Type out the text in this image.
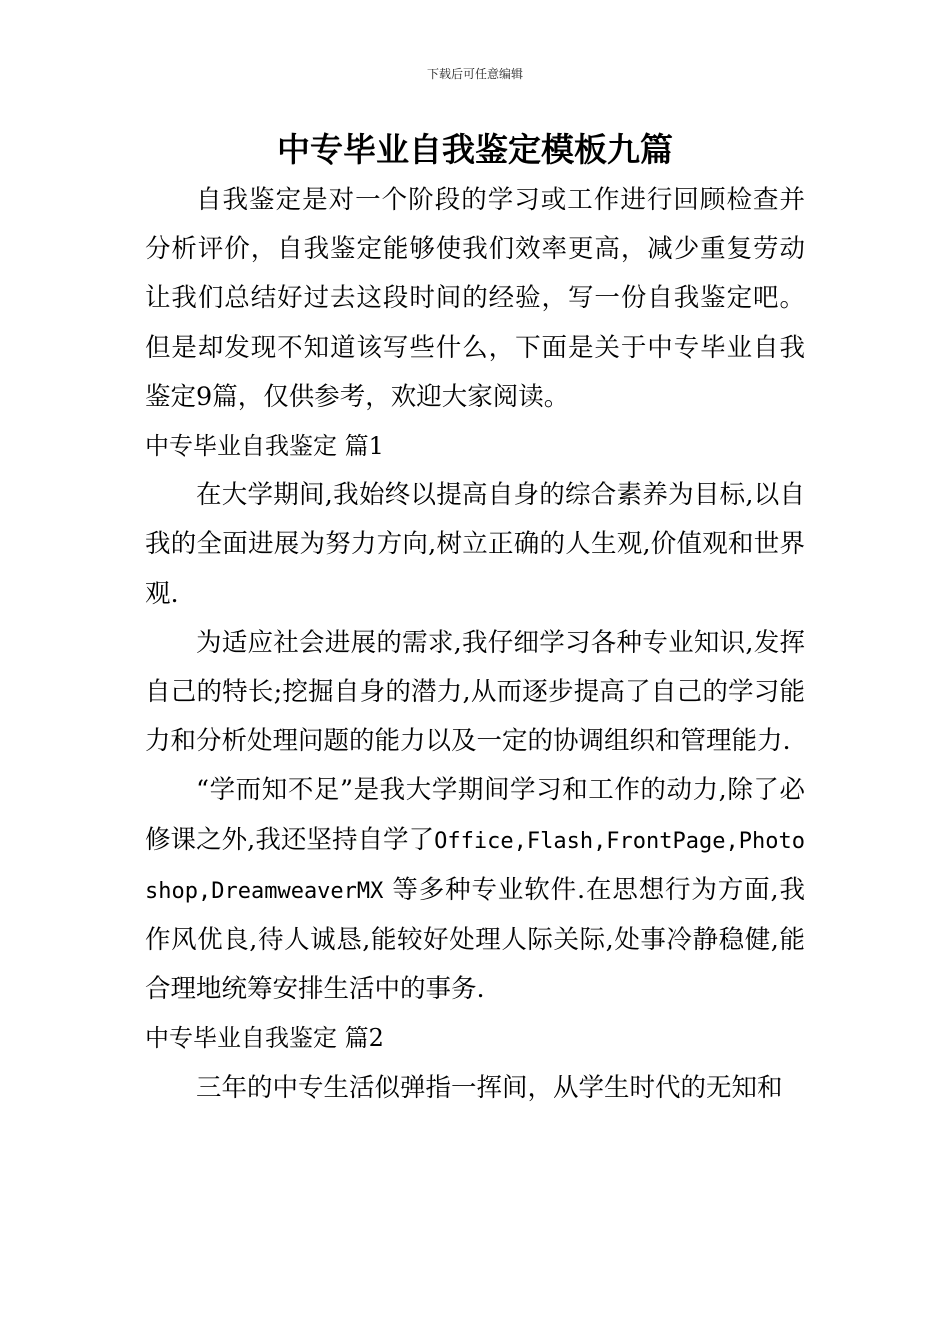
下载后可任意编辑
中专毕业自我鉴定模板九篇

自我鉴定是对一个阶段的学习或工作进行回顾检查并分析评价，自我鉴定能够使我们效率更高，减少重复劳动让我们总结好过去这段时间的经验，写一份自我鉴定吧。但是却发现不知道该写些什么，下面是关于中专毕业自我鉴定9篇，仅供参考，欢迎大家阅读。

中专毕业自我鉴定 篇1

在大学期间,我始终以提高自身的综合素养为目标,以自我的全面进展为努力方向,树立正确的人生观,价值观和世界观.

为适应社会进展的需求,我仔细学习各种专业知识,发挥自己的特长;挖掘自身的潜力,从而逐步提高了自己的学习能力和分析处理问题的能力以及一定的协调组织和管理能力.

“学而知不足”是我大学期间学习和工作的动力,除了必修课之外,我还坚持自学了Office,Flash,FrontPage,Photoshop,DreamweaverMX 等多种专业软件.在思想行为方面,我作风优良,待人诚恳,能较好处理人际关际,处事冷静稳健,能合理地统筹安排生活中的事务.

中专毕业自我鉴定 篇2

三年的中专生活似弹指一挥间，从学生时代的无知和
